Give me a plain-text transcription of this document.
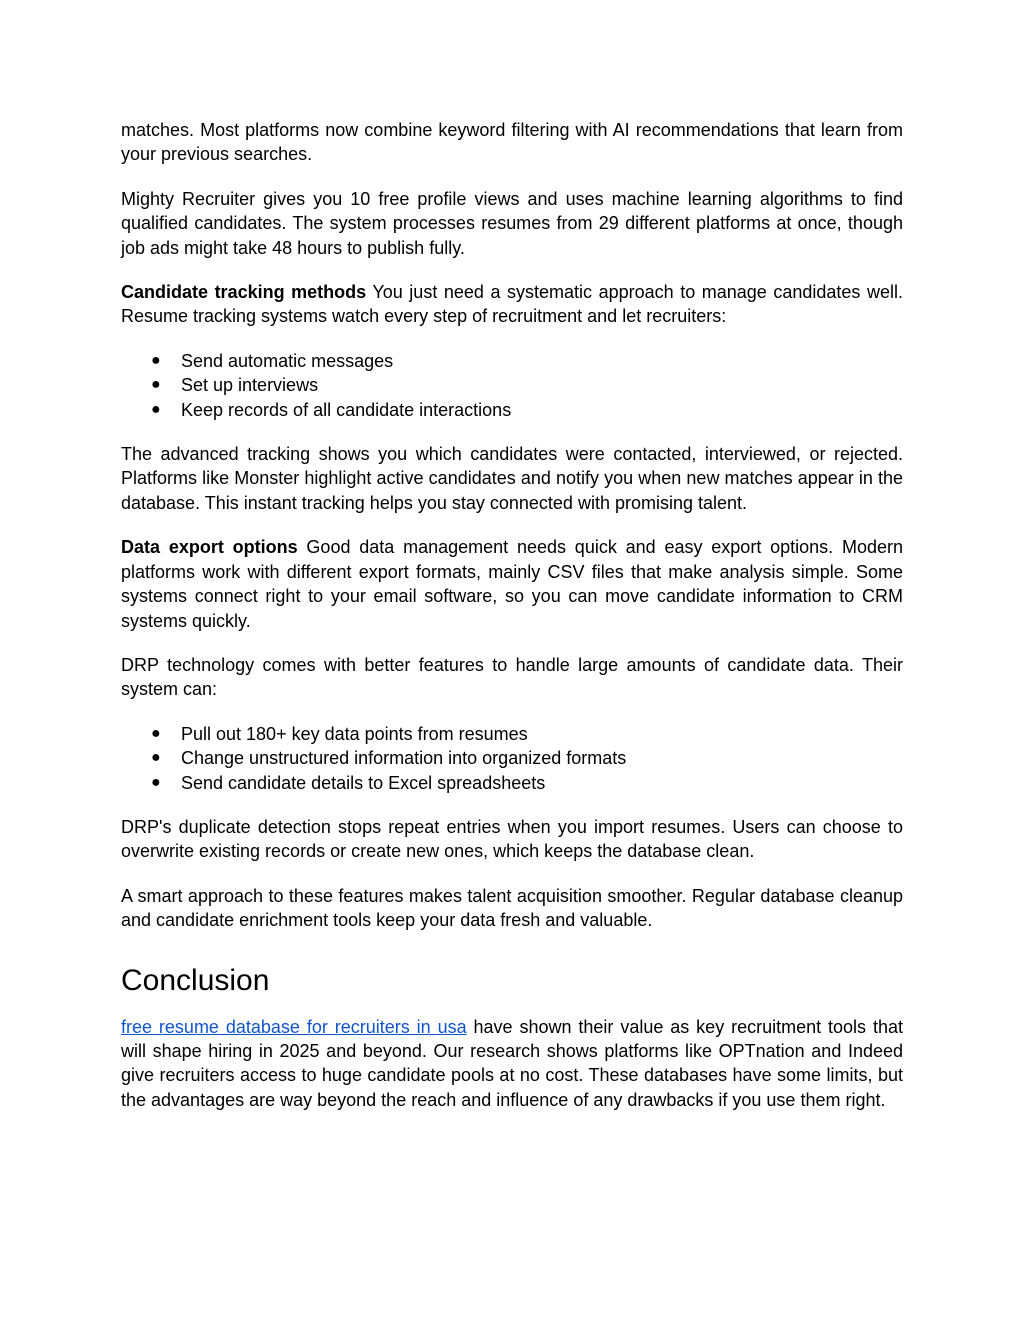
matches. Most platforms now combine keyword filtering with AI recommendations that learn from your previous searches.

Mighty Recruiter gives you 10 free profile views and uses machine learning algorithms to find qualified candidates. The system processes resumes from 29 different platforms at once, though job ads might take 48 hours to publish fully.

Candidate tracking methods You just need a systematic approach to manage candidates well. Resume tracking systems watch every step of recruitment and let recruiters:

● Send automatic messages
● Set up interviews
● Keep records of all candidate interactions

The advanced tracking shows you which candidates were contacted, interviewed, or rejected. Platforms like Monster highlight active candidates and notify you when new matches appear in the database. This instant tracking helps you stay connected with promising talent.

Data export options Good data management needs quick and easy export options. Modern platforms work with different export formats, mainly CSV files that make analysis simple. Some systems connect right to your email software, so you can move candidate information to CRM systems quickly.

DRP technology comes with better features to handle large amounts of candidate data. Their system can:

● Pull out 180+ key data points from resumes
● Change unstructured information into organized formats
● Send candidate details to Excel spreadsheets

DRP's duplicate detection stops repeat entries when you import resumes. Users can choose to overwrite existing records or create new ones, which keeps the database clean.

A smart approach to these features makes talent acquisition smoother. Regular database cleanup and candidate enrichment tools keep your data fresh and valuable.

Conclusion

free resume database for recruiters in usa have shown their value as key recruitment tools that will shape hiring in 2025 and beyond. Our research shows platforms like OPTnation and Indeed give recruiters access to huge candidate pools at no cost. These databases have some limits, but the advantages are way beyond the reach and influence of any drawbacks if you use them right.
